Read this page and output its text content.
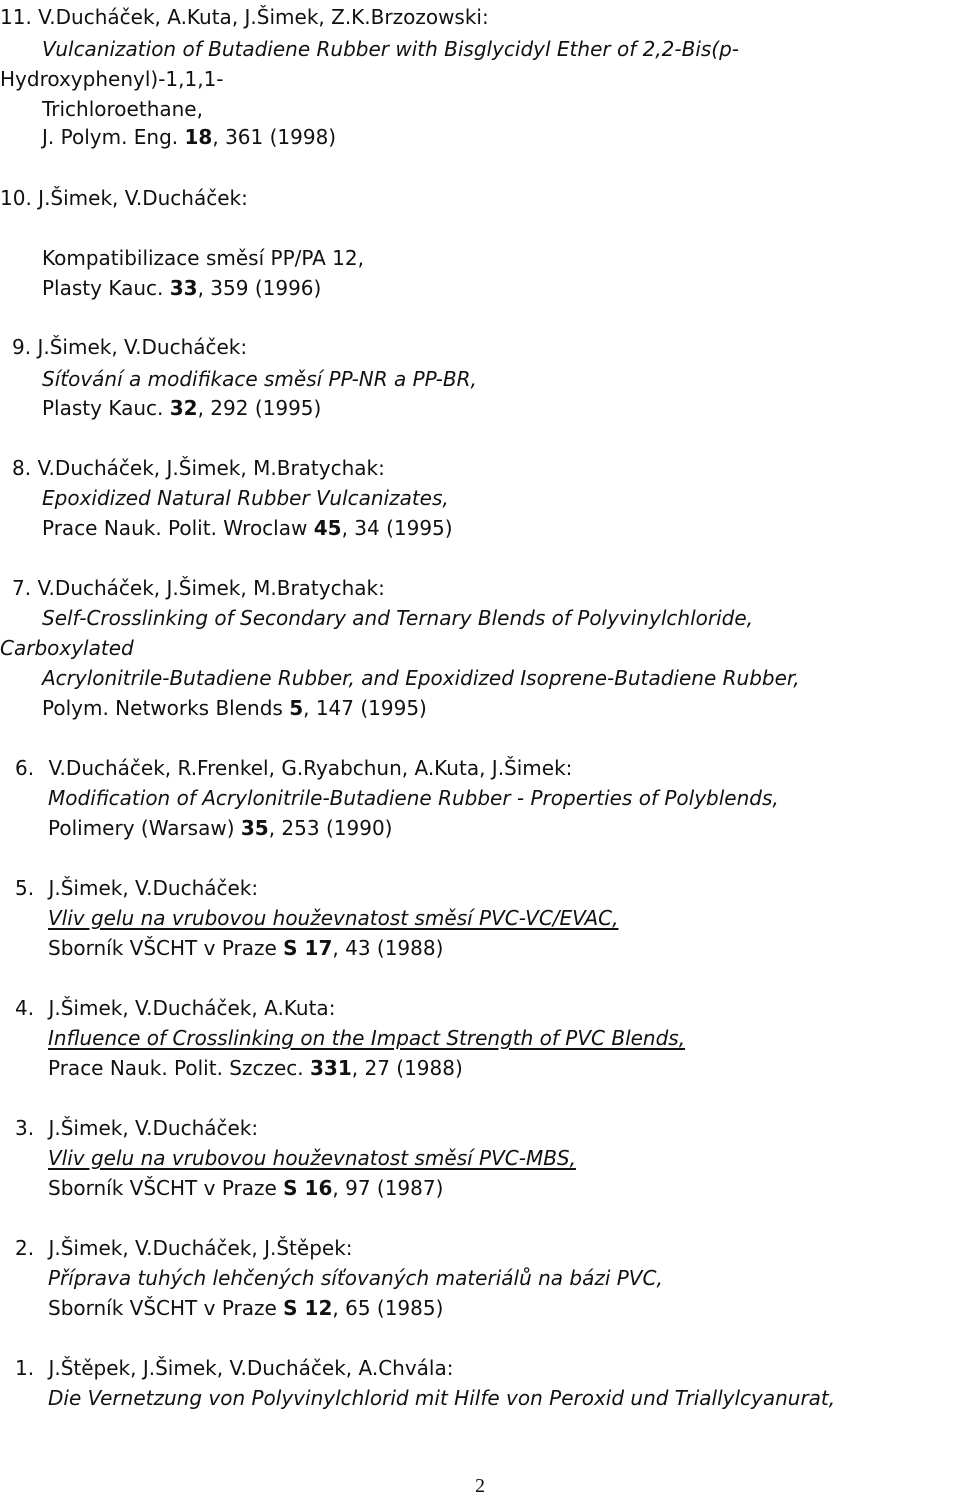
11. V.Ducháček, A.Kuta, J.Šimek, Z.K.Brzozowski:
Vulcanization of Butadiene Rubber with Bisglycidyl Ether of 2,2-Bis(p-
Hydroxyphenyl)-1,1,1-
Trichloroethane,
J. Polym. Eng. 18, 361 (1998)
10. J.Šimek, V.Ducháček:
Kompatibilizace směsí PP/PA 12,
Plasty Kauc. 33, 359 (1996)
9. J.Šimek, V.Ducháček:
Síťování a modifikace směsí PP-NR a PP-BR,
Plasty Kauc. 32, 292 (1995)
8. V.Ducháček, J.Šimek, M.Bratychak:
Epoxidized Natural Rubber Vulcanizates,
Prace Nauk. Polit. Wroclaw 45, 34 (1995)
7. V.Ducháček, J.Šimek, M.Bratychak:
Self-Crosslinking of Secondary and Ternary Blends of Polyvinylchloride,
Carboxylated
Acrylonitrile-Butadiene Rubber, and Epoxidized Isoprene-Butadiene Rubber,
Polym. Networks Blends 5, 147 (1995)
6. V.Ducháček, R.Frenkel, G.Ryabchun, A.Kuta, J.Šimek:
Modification of Acrylonitrile-Butadiene Rubber - Properties of Polyblends,
Polimery (Warsaw) 35, 253 (1990)
5. J.Šimek, V.Ducháček:
Vliv gelu na vrubovou houževnatost směsí PVC-VC/EVAC,
Sborník VŠCHT v Praze S 17, 43 (1988)
4. J.Šimek, V.Ducháček, A.Kuta:
Influence of Crosslinking on the Impact Strength of PVC Blends,
Prace Nauk. Polit. Szczec. 331, 27 (1988)
3. J.Šimek, V.Ducháček:
Vliv gelu na vrubovou houževnatost směsí PVC-MBS,
Sborník VŠCHT v Praze S 16, 97 (1987)
2. J.Šimek, V.Ducháček, J.Štěpek:
Příprava tuhých lehčených síťovaných materiálů na bázi PVC,
Sborník VŠCHT v Praze S 12, 65 (1985)
1. J.Štěpek, J.Šimek, V.Ducháček, A.Chvála:
Die Vernetzung von Polyvinylchlorid mit Hilfe von Peroxid und Triallylcyanurat,
2
